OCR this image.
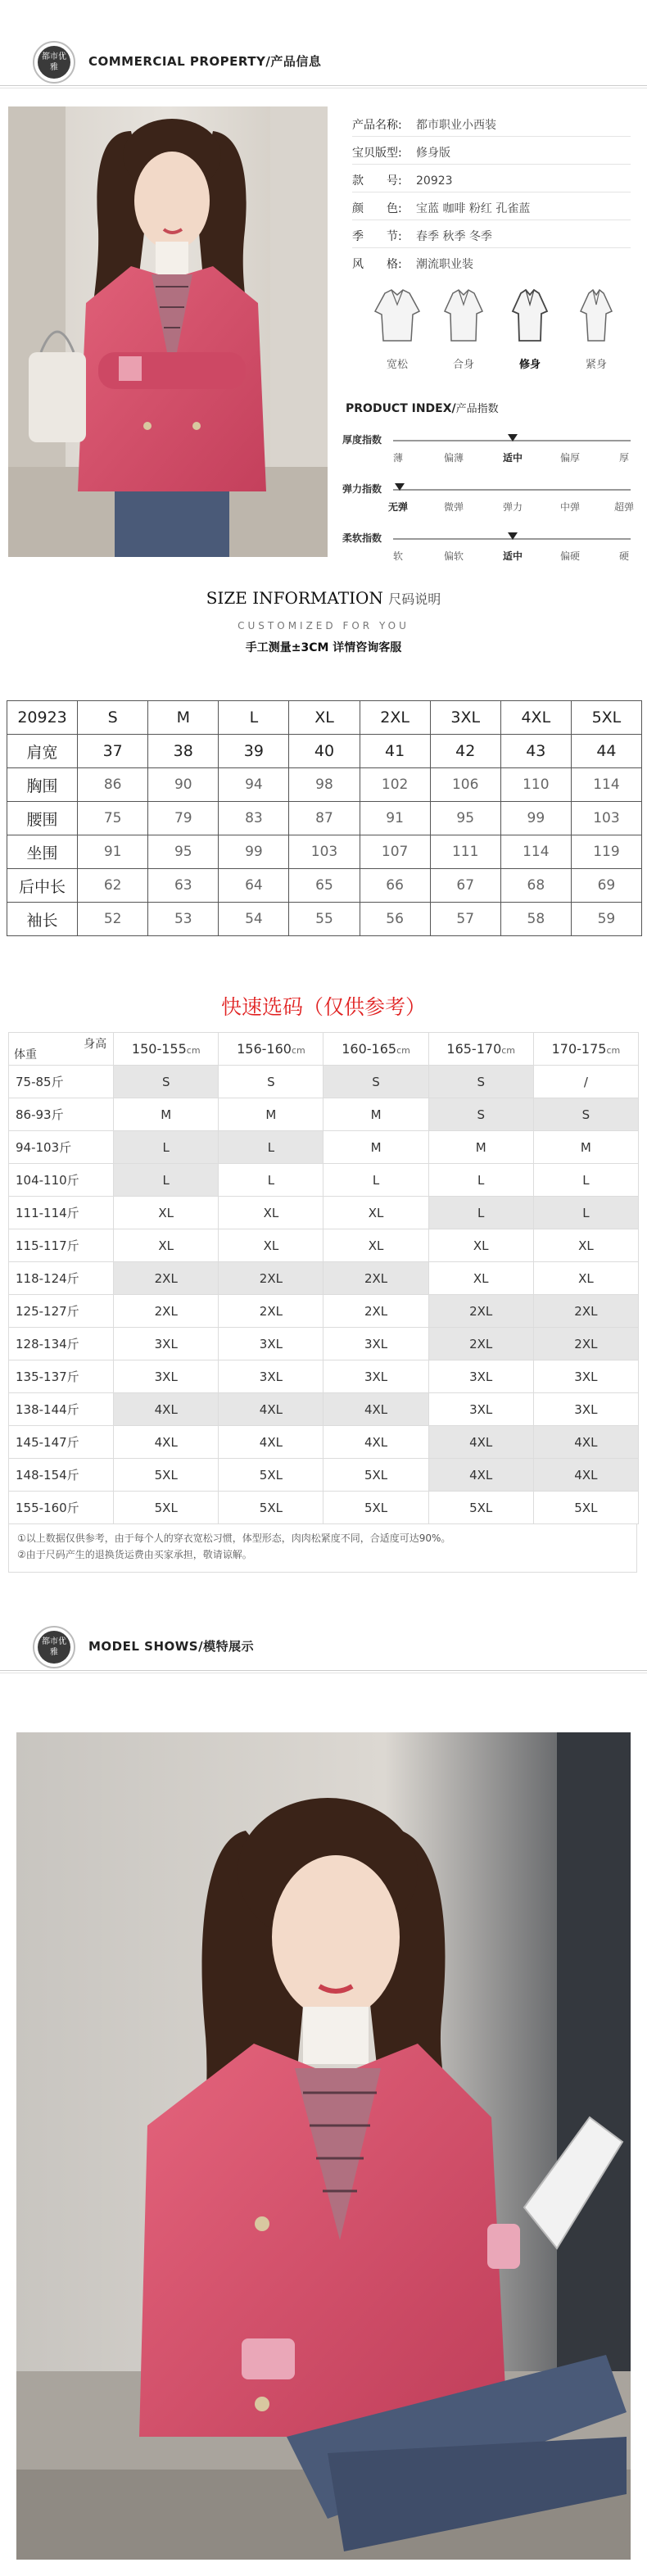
都市优雅	COMMERCIAL PROPERTY/产品信息
产品名称: 都市职业小西装
宝贝版型: 修身版
款　　号: 20923
颜　　色: 宝蓝 咖啡 粉红 孔雀蓝
季　　节: 春季 秋季 冬季
风　　格: 潮流职业装
宽松	合身	修身	紧身
PRODUCT INDEX/产品指数
厚度指数
薄	偏薄	适中	偏厚	厚
弹力指数
无弹	微弹	弹力	中弹	超弹
柔软指数
软	偏软	适中	偏硬	硬
SIZE INFORMATION 尺码说明
CUSTOMIZED FOR YOU
手工测量±3CM 详情咨询客服
20923	S	M	L	XL	2XL	3XL	4XL	5XL
肩宽	37	38	39	40	41	42	43	44
胸围	86	90	94	98	102	106	110	114
腰围	75	79	83	87	91	95	99	103
坐围	91	95	99	103	107	111	114	119
后中长	62	63	64	65	66	67	68	69
袖长	52	53	54	55	56	57	58	59
快速选码（仅供参考）
身高
体重	150-155cm	156-160cm	160-165cm	165-170cm	170-175cm
75-85斤	S	S	S	S	/
86-93斤	M	M	M	S	S
94-103斤	L	L	M	M	M
104-110斤	L	L	L	L	L
111-114斤	XL	XL	XL	L	L
115-117斤	XL	XL	XL	XL	XL
118-124斤	2XL	2XL	2XL	XL	XL
125-127斤	2XL	2XL	2XL	2XL	2XL
128-134斤	3XL	3XL	3XL	2XL	2XL
135-137斤	3XL	3XL	3XL	3XL	3XL
138-144斤	4XL	4XL	4XL	3XL	3XL
145-147斤	4XL	4XL	4XL	4XL	4XL
148-154斤	5XL	5XL	5XL	4XL	4XL
155-160斤	5XL	5XL	5XL	5XL	5XL
①以上数据仅供参考，由于每个人的穿衣宽松习惯，体型形态，肉肉松紧度不同，合适度可达90%。
②由于尺码产生的退换货运费由买家承担，敬请谅解。
都市优雅	MODEL SHOWS/模特展示
